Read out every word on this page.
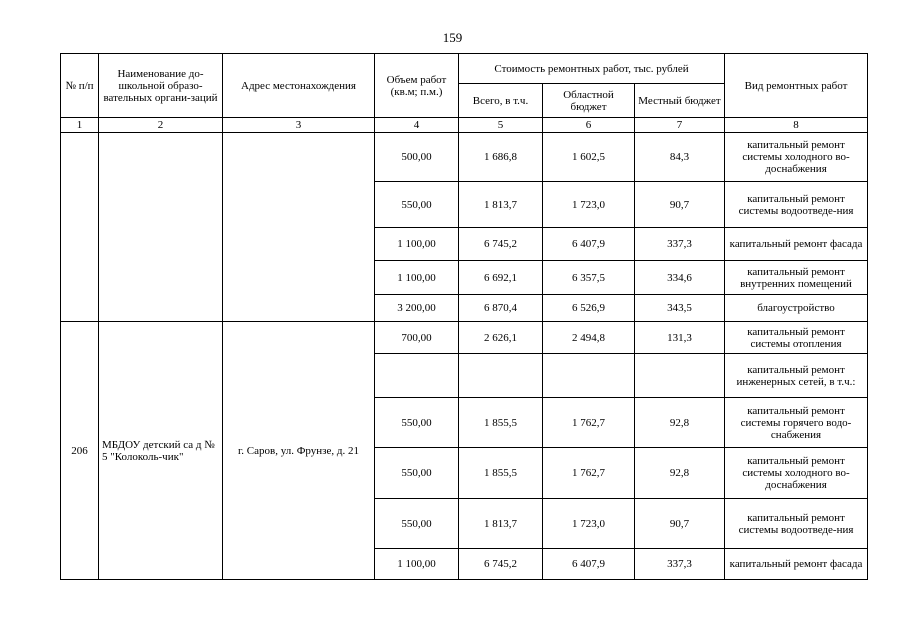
159
№ п/п	Наименование до-школьной образо-вательных органи-заций	Адрес местонахождения	Объем работ (кв.м; п.м.)	Стоимость ремонтных работ, тыс. рублей			Вид ремонтных работ
				Всего, в т.ч.	Областной бюджет	Местный бюджет	
1	2	3	4	5	6	7	8
			500,00	1 686,8	1 602,5	84,3	капитальный ремонт системы холодного во-доснабжения
			550,00	1 813,7	1 723,0	90,7	капитальный ремонт системы водоотведе-ния
			1 100,00	6 745,2	6 407,9	337,3	капитальный ремонт фасада
			1 100,00	6 692,1	6 357,5	334,6	капитальный ремонт внутренних помещений
			3 200,00	6 870,4	6 526,9	343,5	благоустройство
206	МБДОУ детский са д № 5 "Колоколь-чик"	г. Саров, ул. Фрунзе, д. 21	700,00	2 626,1	2 494,8	131,3	капитальный ремонт системы отопления
							капитальный ремонт инженерных сетей, в т.ч.:
			550,00	1 855,5	1 762,7	92,8	капитальный ремонт системы горячего водо-снабжения
			550,00	1 855,5	1 762,7	92,8	капитальный ремонт системы холодного во-доснабжения
			550,00	1 813,7	1 723,0	90,7	капитальный ремонт системы водоотведе-ния
			1 100,00	6 745,2	6 407,9	337,3	капитальный ремонт фасада
